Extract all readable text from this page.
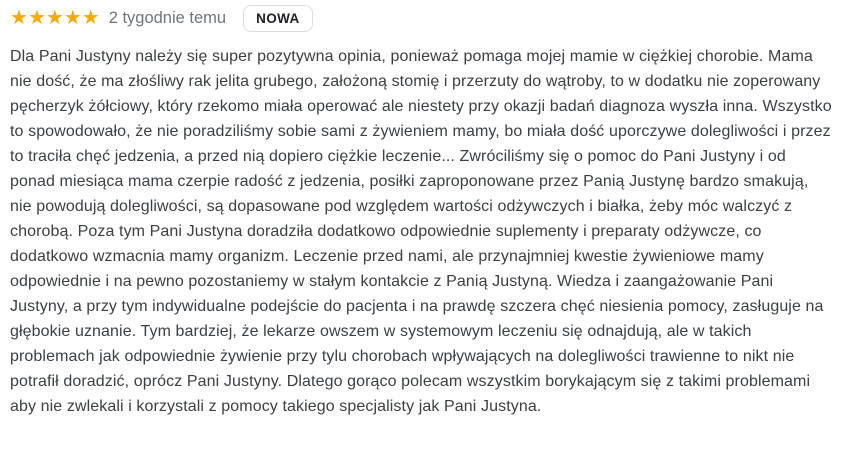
★★★★★ 2 tygodnie temu	NOWA

Dla Pani Justyny należy się super pozytywna opinia, ponieważ pomaga mojej mamie w ciężkiej chorobie. Mama nie dość, że ma złośliwy rak jelita grubego, założoną stomię i przerzuty do wątroby, to w dodatku nie zoperowany pęcherzyk żółciowy, który rzekomo miała operować ale niestety przy okazji badań diagnoza wyszła inna. Wszystko to spowodowało, że nie poradziliśmy sobie sami z żywieniem mamy, bo miała dość uporczywe dolegliwości i przez to traciła chęć jedzenia, a przed nią dopiero ciężkie leczenie... Zwróciliśmy się o pomoc do Pani Justyny i od ponad miesiąca mama czerpie radość z jedzenia, posiłki zaproponowane przez Panią Justynę bardzo smakują, nie powodują dolegliwości, są dopasowane pod względem wartości odżywczych i białka, żeby móc walczyć z chorobą. Poza tym Pani Justyna doradziła dodatkowo odpowiednie suplementy i preparaty odżywcze, co dodatkowo wzmacnia mamy organizm. Leczenie przed nami, ale przynajmniej kwestie żywieniowe mamy odpowiednie i na pewno pozostaniemy w stałym kontakcie z Panią Justyną. Wiedza i zaangażowanie Pani Justyny, a przy tym indywidualne podejście do pacjenta i na prawdę szczera chęć niesienia pomocy, zasługuje na głębokie uznanie. Tym bardziej, że lekarze owszem w systemowym leczeniu się odnajdują, ale w takich problemach jak odpowiednie żywienie przy tylu chorobach wpływających na dolegliwości trawienne to nikt nie potrafił doradzić, oprócz Pani Justyny. Dlatego gorąco polecam wszystkim borykającym się z takimi problemami aby nie zwlekali i korzystali z pomocy takiego specjalisty jak Pani Justyna.
